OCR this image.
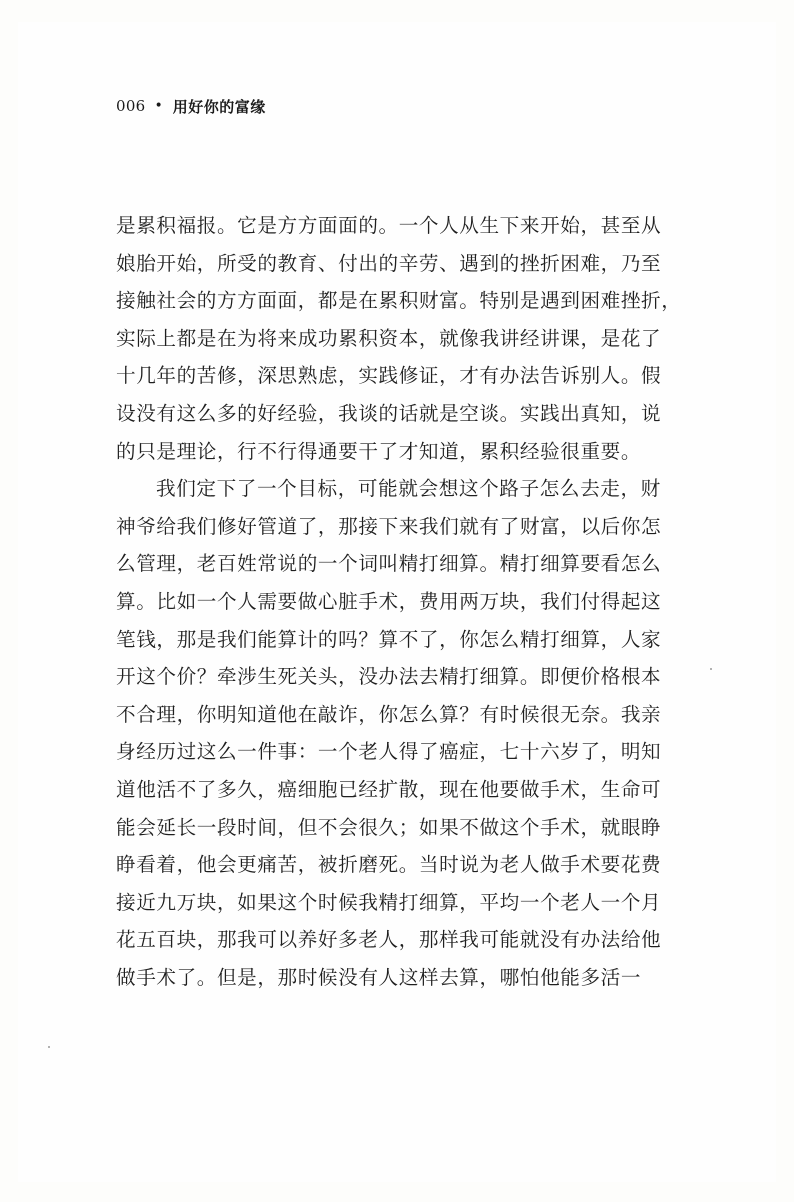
006 • 用好你的富缘
是累积福报。它是方方面面的。一个人从生下来开始，甚至从
娘胎开始，所受的教育、付出的辛劳、遇到的挫折困难，乃至
接触社会的方方面面，都是在累积财富。特别是遇到困难挫折，
实际上都是在为将来成功累积资本，就像我讲经讲课，是花了
十几年的苦修，深思熟虑，实践修证，才有办法告诉别人。假
设没有这么多的好经验，我谈的话就是空谈。实践出真知，说
的只是理论，行不行得通要干了才知道，累积经验很重要。
我们定下了一个目标，可能就会想这个路子怎么去走，财
神爷给我们修好管道了，那接下来我们就有了财富，以后你怎
么管理，老百姓常说的一个词叫精打细算。精打细算要看怎么
算。比如一个人需要做心脏手术，费用两万块，我们付得起这
笔钱，那是我们能算计的吗？算不了，你怎么精打细算，人家
开这个价？牵涉生死关头，没办法去精打细算。即便价格根本
不合理，你明知道他在敲诈，你怎么算？有时候很无奈。我亲
身经历过这么一件事：一个老人得了癌症，七十六岁了，明知
道他活不了多久，癌细胞已经扩散，现在他要做手术，生命可
能会延长一段时间，但不会很久；如果不做这个手术，就眼睁
睁看着，他会更痛苦，被折磨死。当时说为老人做手术要花费
接近九万块，如果这个时候我精打细算，平均一个老人一个月
花五百块，那我可以养好多老人，那样我可能就没有办法给他
做手术了。但是，那时候没有人这样去算，哪怕他能多活一
